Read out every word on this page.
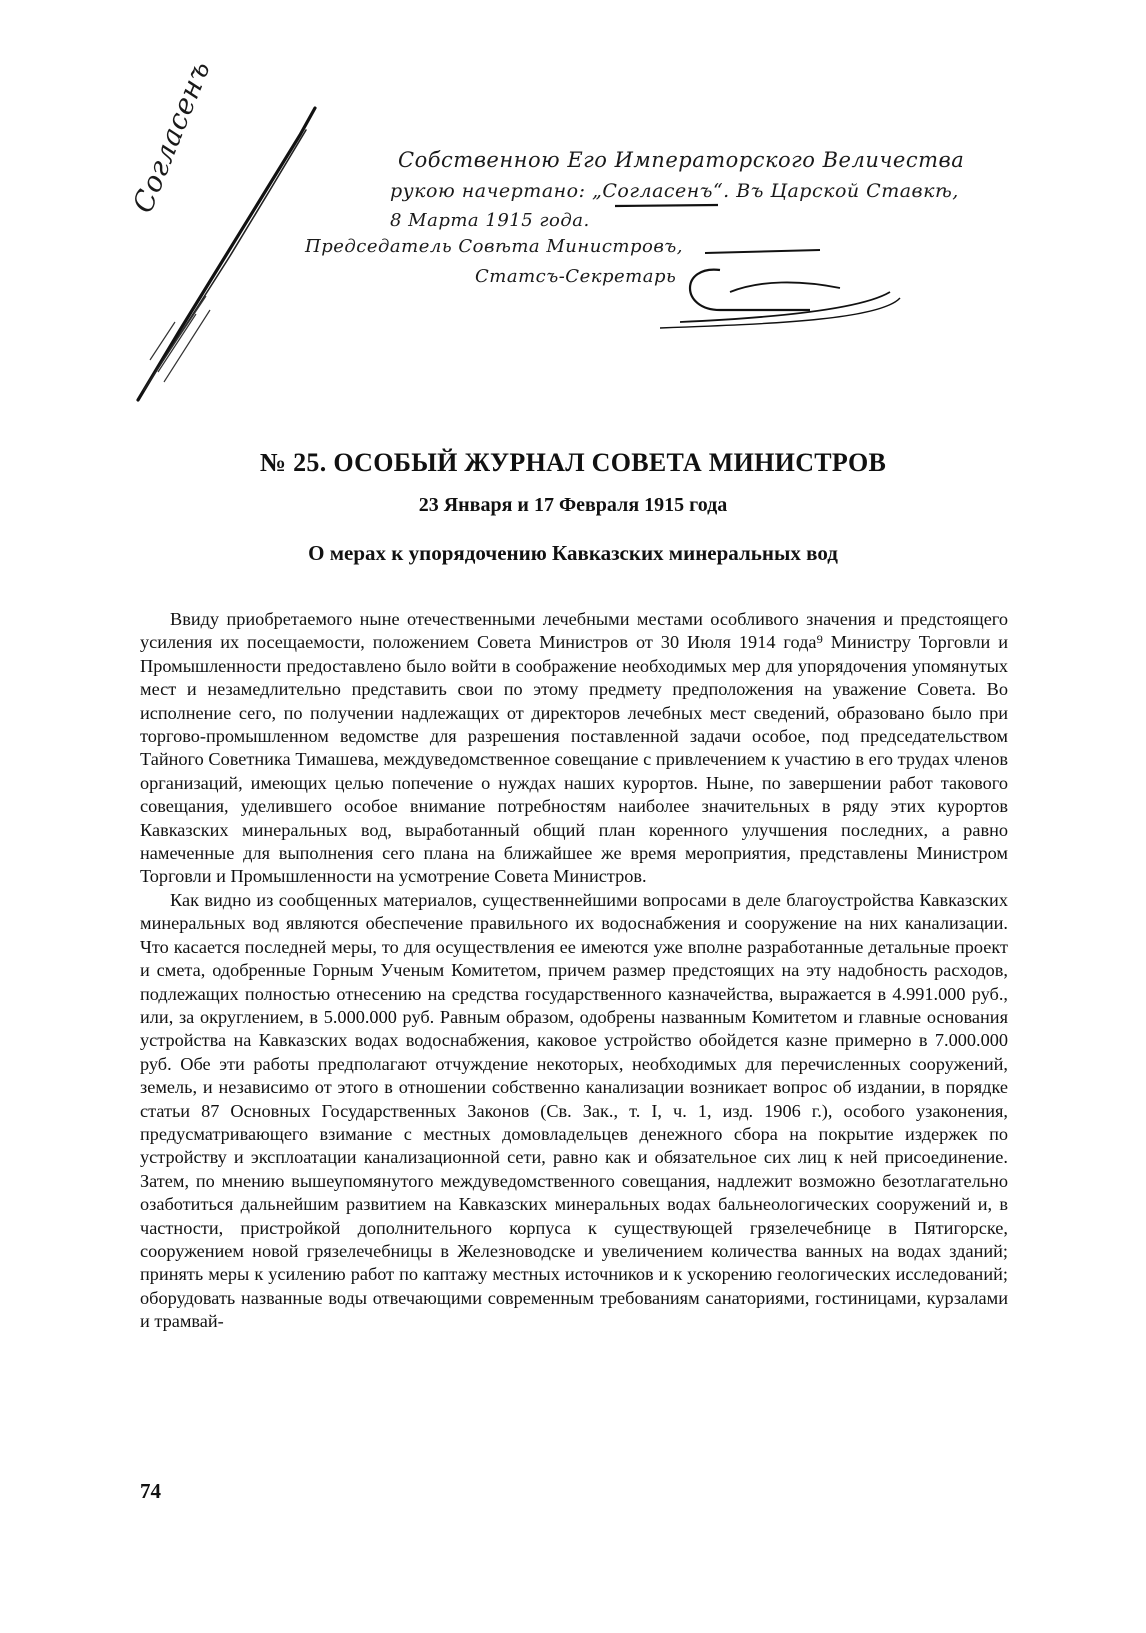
Согласенъ	Собственною Его Императорского Величества
рукою начертано: „Согласенъ“. Въ Царской Ставкѣ,
8 Марта 1915 года.
Председатель Совѣта Министровъ,
Статсъ-Секретарь
№ 25. ОСОБЫЙ ЖУРНАЛ СОВЕТА МИНИСТРОВ
23 Января и 17 Февраля 1915 года
О мерах к упорядочению Кавказских минеральных вод

Ввиду приобретаемого ныне отечественными лечебными местами особливого значения и предстоящего усиления их посещаемости, положением Совета Министров от 30 Июля 1914 года⁹ Министру Торговли и Промышленности предоставлено было войти в соображение необходимых мер для упорядочения упомянутых мест и незамедлительно представить свои по этому предмету предположения на уважение Совета. Во исполнение сего, по получении надлежащих от директоров лечебных мест сведений, образовано было при торгово-промышленном ведомстве для разрешения поставленной задачи особое, под председательством Тайного Советника Тимашева, междуведомственное совещание с привлечением к участию в его трудах членов организаций, имеющих целью попечение о нуждах наших курортов. Ныне, по завершении работ такового совещания, уделившего особое внимание потребностям наиболее значительных в ряду этих курортов Кавказских минеральных вод, выработанный общий план коренного улучшения последних, а равно намеченные для выполнения сего плана на ближайшее же время мероприятия, представлены Министром Торговли и Промышленности на усмотрение Совета Министров.

Как видно из сообщенных материалов, существеннейшими вопросами в деле благоустройства Кавказских минеральных вод являются обеспечение правильного их водоснабжения и сооружение на них канализации. Что касается последней меры, то для осуществления ее имеются уже вполне разработанные детальные проект и смета, одобренные Горным Ученым Комитетом, причем размер предстоящих на эту надобность расходов, подлежащих полностью отнесению на средства государственного казначейства, выражается в 4.991.000 руб., или, за округлением, в 5.000.000 руб. Равным образом, одобрены названным Комитетом и главные основания устройства на Кавказских водах водоснабжения, каковое устройство обойдется казне примерно в 7.000.000 руб. Обе эти работы предполагают отчуждение некоторых, необходимых для перечисленных сооружений, земель, и независимо от этого в отношении собственно канализации возникает вопрос об издании, в порядке статьи 87 Основных Государственных Законов (Св. Зак., т. I, ч. 1, изд. 1906 г.), особого узаконения, предусматривающего взимание с местных домовладельцев денежного сбора на покрытие издержек по устройству и эксплоатации канализационной сети, равно как и обязательное сих лиц к ней присоединение. Затем, по мнению вышеупомянутого междуведомственного совещания, надлежит возможно безотлагательно озаботиться дальнейшим развитием на Кавказских минеральных водах бальнеологических сооружений и, в частности, пристройкой дополнительного корпуса к существующей грязелечебнице в Пятигорске, сооружением новой грязелечебницы в Железноводске и увеличением количества ванных на водах зданий; принять меры к усилению работ по каптажу местных источников и к ускорению геологических исследований; оборудовать названные воды отвечающими современным требованиям санаториями, гостиницами, курзалами и трамвай-

74
